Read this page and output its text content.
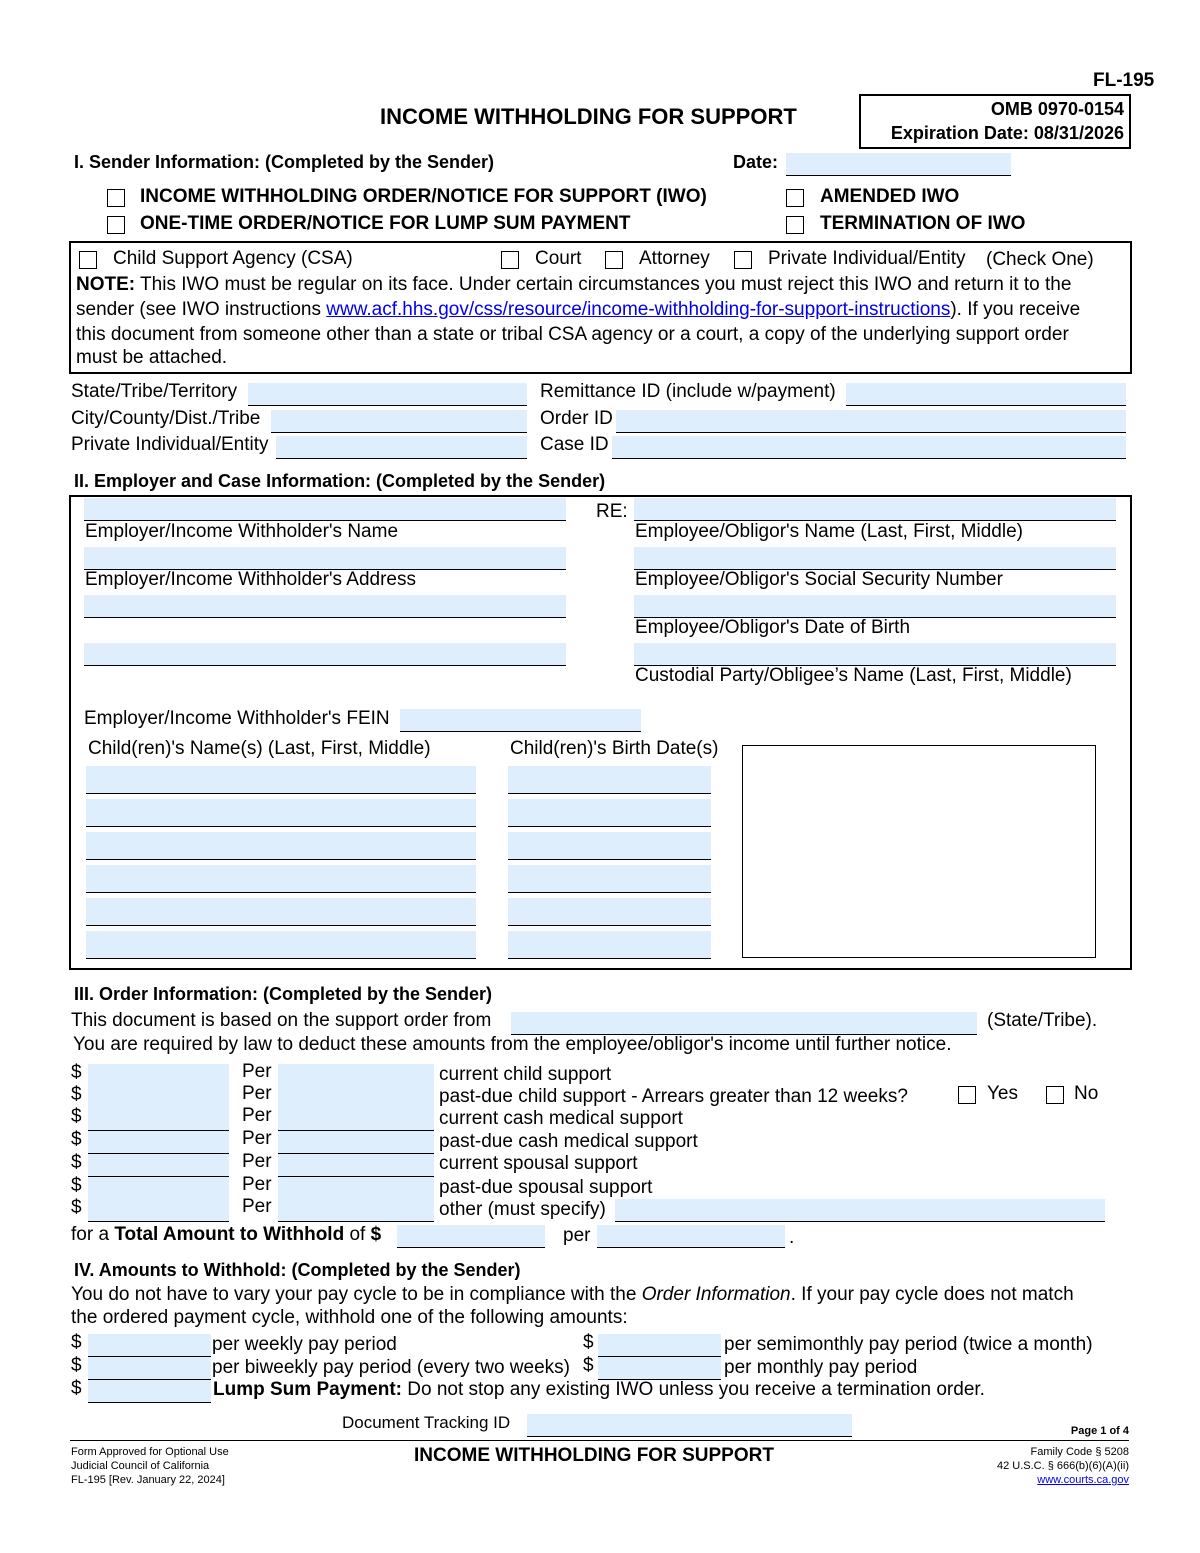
FL-195
INCOME WITHHOLDING FOR SUPPORT	OMB 0970-0154
Expiration Date: 08/31/2026
I. Sender Information: (Completed by the Sender)	Date:
INCOME WITHHOLDING ORDER/NOTICE FOR SUPPORT (IWO)	AMENDED IWO
ONE-TIME ORDER/NOTICE FOR LUMP SUM PAYMENT	TERMINATION OF IWO
Child Support Agency (CSA)	Court	Attorney	Private Individual/Entity (Check One)
NOTE: This IWO must be regular on its face. Under certain circumstances you must reject this IWO and return it to the
sender (see IWO instructions www.acf.hhs.gov/css/resource/income-withholding-for-support-instructions). If you receive
this document from someone other than a state or tribal CSA agency or a court, a copy of the underlying support order
must be attached.
State/Tribe/Territory
City/County/Dist./Tribe
Private Individual/Entity
Remittance ID (include w/payment)
Order ID
Case ID
II. Employer and Case Information: (Completed by the Sender)
Employer/Income Withholder's Name
Employer/Income Withholder's Address
RE:
Employee/Obligor's Name (Last, First, Middle)
Employee/Obligor's Social Security Number
Employee/Obligor's Date of Birth
Custodial Party/Obligee’s Name (Last, First, Middle)
Employer/Income Withholder's FEIN
Child(ren)'s Name(s) (Last, First, Middle)	Child(ren)'s Birth Date(s)
III. Order Information: (Completed by the Sender)
This document is based on the support order from	(State/Tribe).
You are required by law to deduct these amounts from the employee/obligor's income until further notice.
$	Per	current child support
$	Per	past-due child support - Arrears greater than 12 weeks?	Yes	No
$	Per	current cash medical support
$	Per	past-due cash medical support
$	Per	current spousal support
$	Per	past-due spousal support
$	Per	other (must specify)
for a Total Amount to Withhold of $	per	.
IV. Amounts to Withhold: (Completed by the Sender)
You do not have to vary your pay cycle to be in compliance with the Order Information. If your pay cycle does not match
the ordered payment cycle, withhold one of the following amounts:
$	per weekly pay period	$	per semimonthly pay period (twice a month)
$	per biweekly pay period (every two weeks) $	per monthly pay period
$	Lump Sum Payment: Do not stop any existing IWO unless you receive a termination order.
Document Tracking ID	Page 1 of 4
Form Approved for Optional Use
Judicial Council of California
FL-195 [Rev. January 22, 2024]
INCOME WITHHOLDING FOR SUPPORT	Family Code § 5208
42 U.S.C. § 666(b)(6)(A)(ii)
www.courts.ca.gov
